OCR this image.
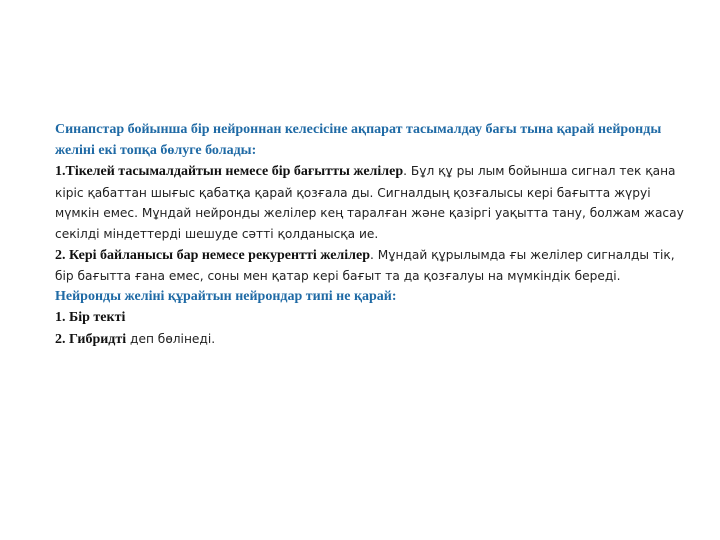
Синапстар бойынша бір нейроннан келесісіне ақпарат тасымалдау бағы тына қарай нейронды желіні екі топқа бөлуге болады:

1.Тікелей тасымалдайтын немесе бір бағытты желілер. Бұл құ ры лым бойынша сигнал тек қана кіріс қабаттан шығыс қабатқа қарай қозғала ды. Сигналдың қозғалысы кері бағытта жүруі мүмкін емес. Мұндай нейронды желілер кең таралған және қазіргі уақытта тану, болжам жасау секілді міндеттерді шешуде сәтті қолданысқа ие.

2. Кері байланысы бар немесе рекурентті желілер. Мұндай құрылымда ғы желілер сигналды тік, бір бағытта ғана емес, соны мен қатар кері бағыт та да қозғалуы на мүмкіндік береді.

Нейронды желіні құрайтын нейрондар типі не қарай:

1. Бір текті

2. Гибридті деп бөлінеді.
